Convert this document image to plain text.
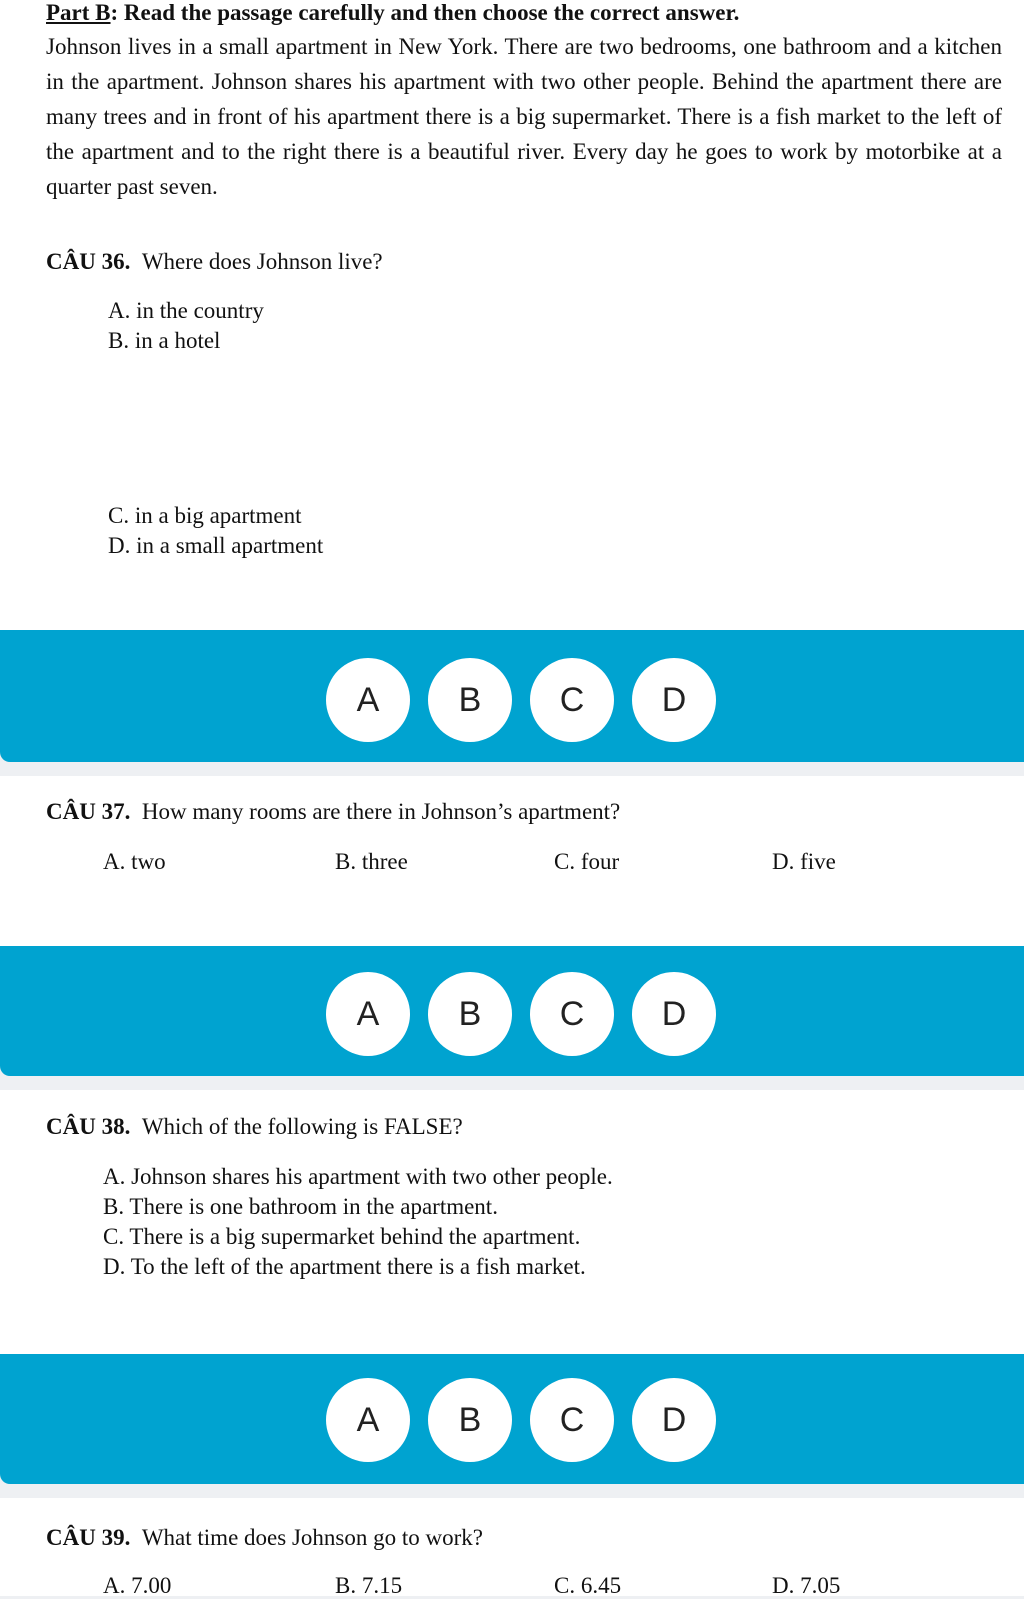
Part B: Read the passage carefully and then choose the correct answer.

Johnson lives in a small apartment in New York. There are two bedrooms, one bathroom and a kitchen in the apartment. Johnson shares his apartment with two other people. Behind the apartment there are many trees and in front of his apartment there is a big supermarket. There is a fish market to the left of the apartment and to the right there is a beautiful river. Every day he goes to work by motorbike at a quarter past seven.

CÂU 36. Where does Johnson live?
A. in the country
B. in a hotel
C. in a big apartment
D. in a small apartment
A	B	C	D
CÂU 37. How many rooms are there in Johnson’s apartment?
A. two	B. three	C. four	D. five
A	B	C	D
CÂU 38. Which of the following is FALSE?
A. Johnson shares his apartment with two other people.
B. There is one bathroom in the apartment.
C. There is a big supermarket behind the apartment.
D. To the left of the apartment there is a fish market.
A	B	C	D
CÂU 39. What time does Johnson go to work?
A. 7.00	B. 7.15	C. 6.45	D. 7.05
